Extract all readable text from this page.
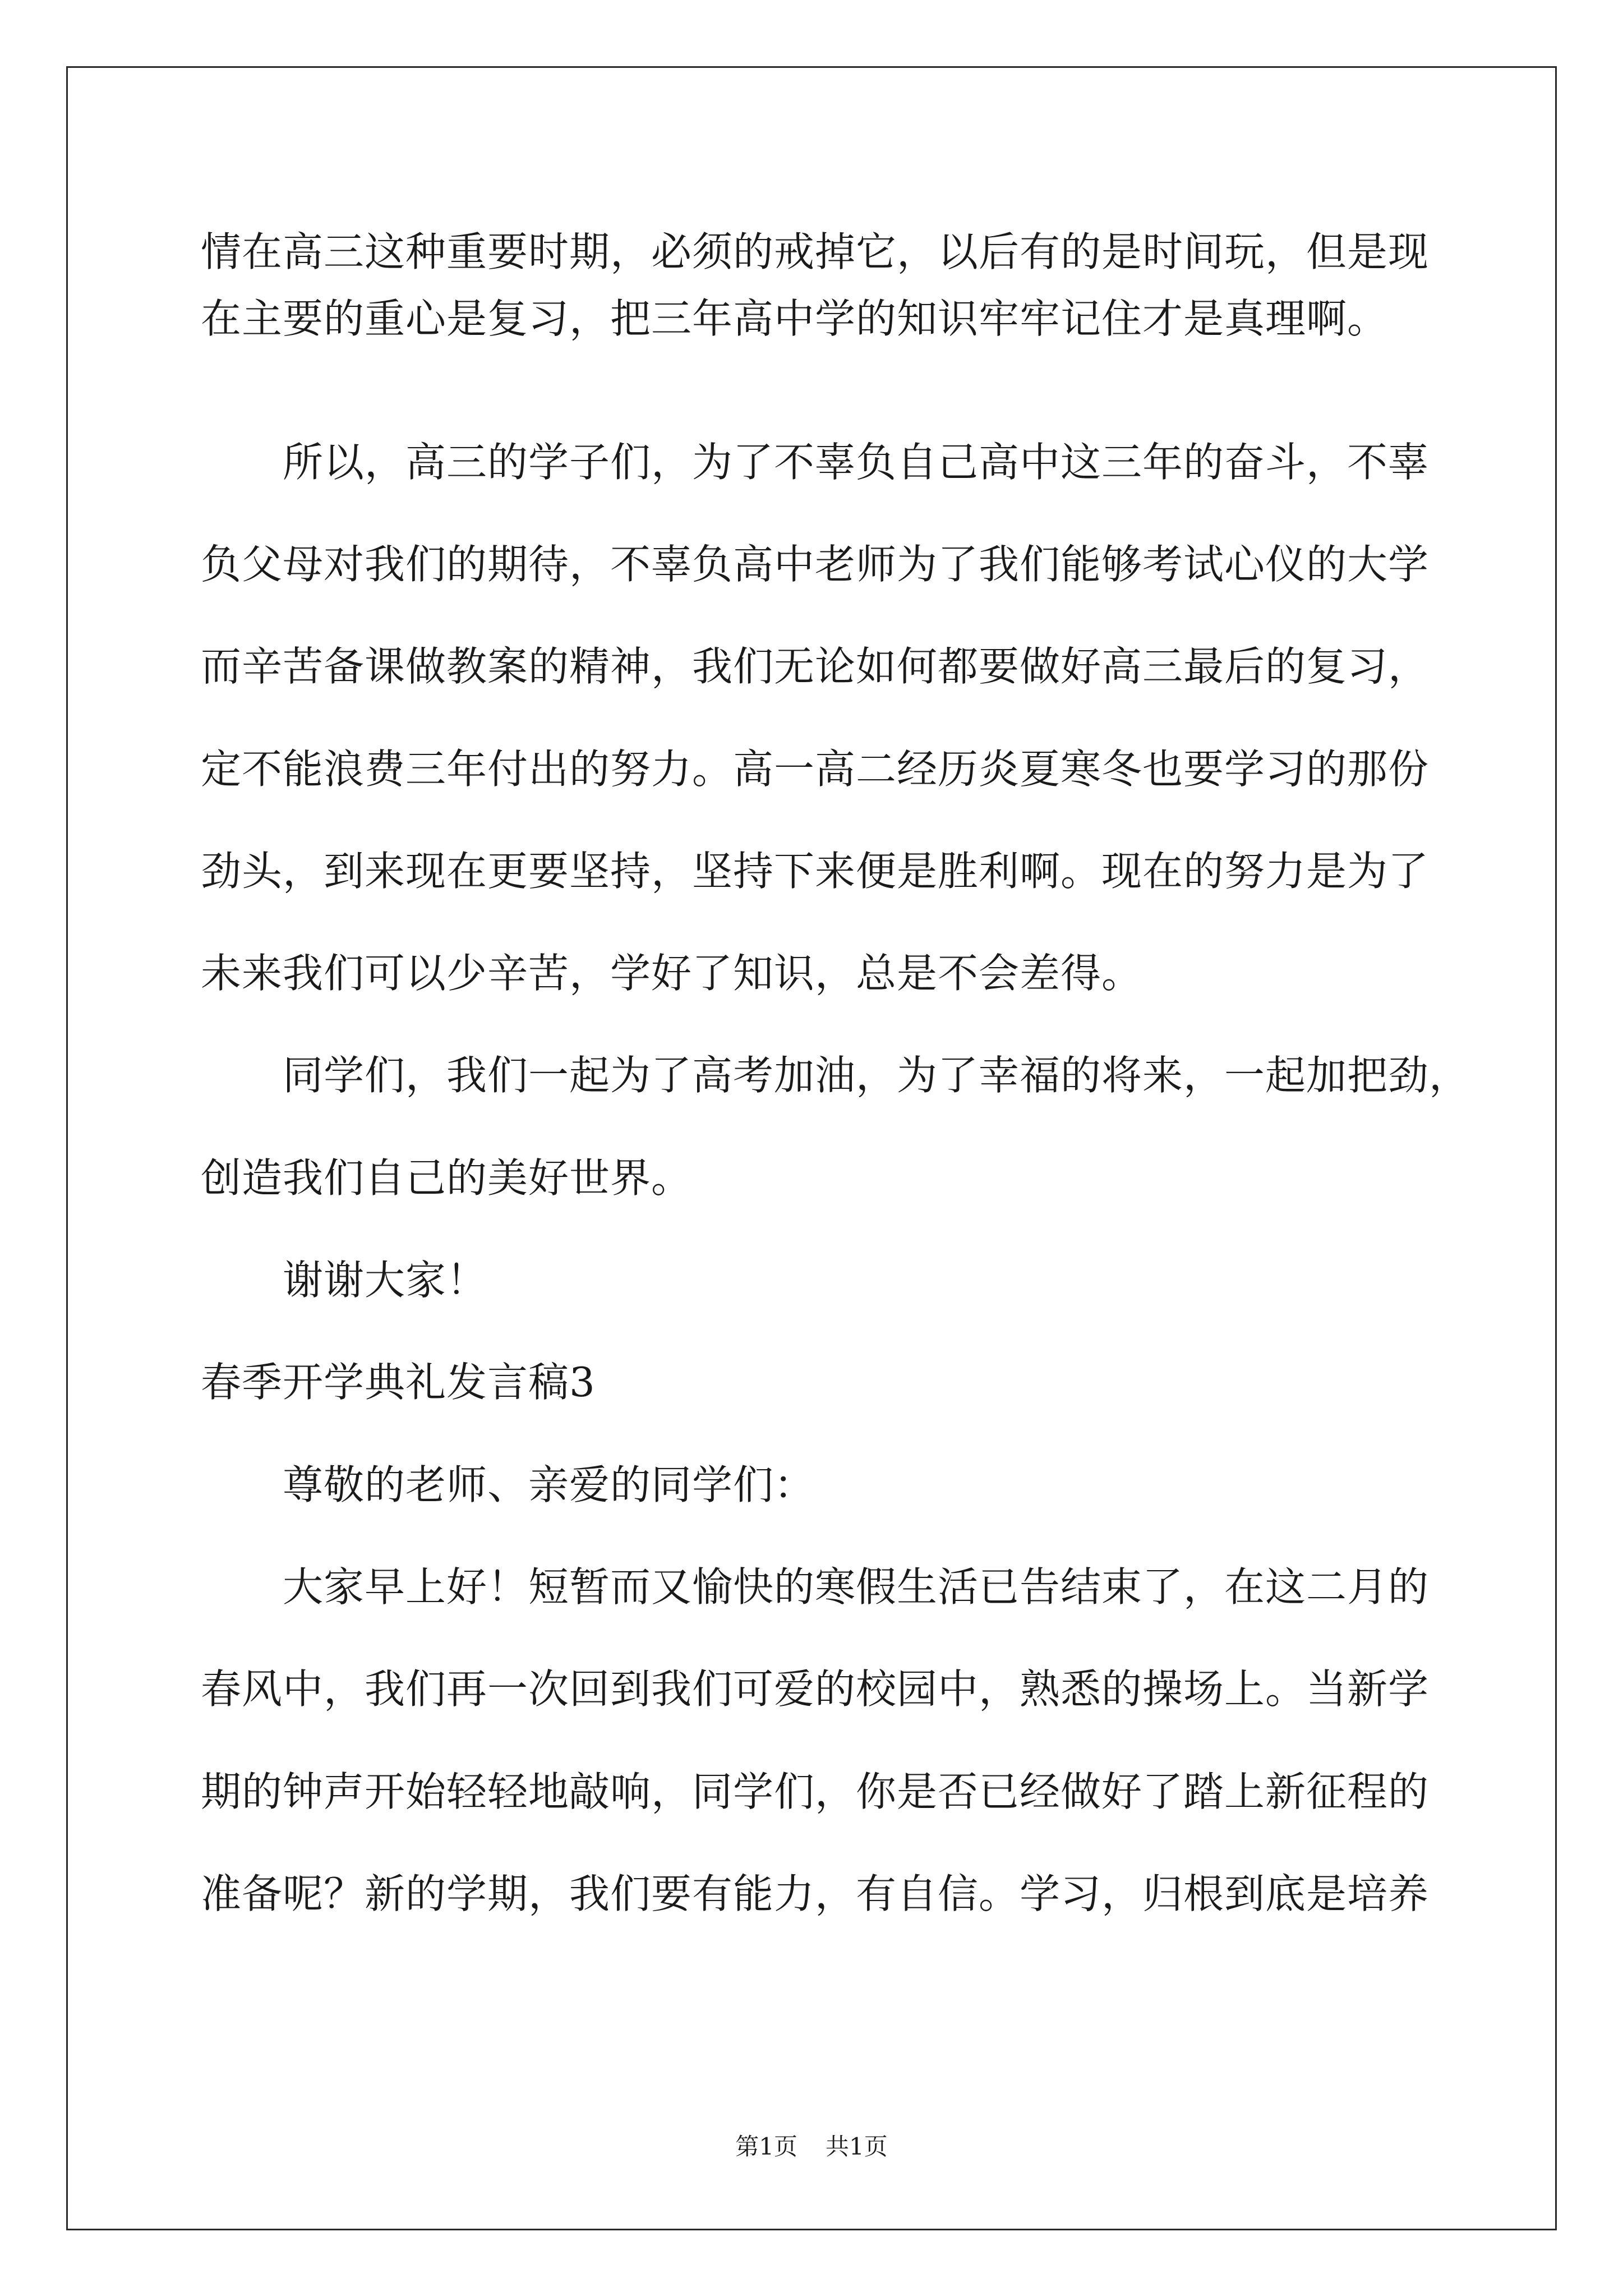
情在高三这种重要时期，必须的戒掉它，以后有的是时间玩，但是现
在主要的重心是复习，把三年高中学的知识牢牢记住才是真理啊。
所以，高三的学子们，为了不辜负自己高中这三年的奋斗，不辜
负父母对我们的期待，不辜负高中老师为了我们能够考试心仪的大学
而辛苦备课做教案的精神，我们无论如何都要做好高三最后的复习，
定不能浪费三年付出的努力。高一高二经历炎夏寒冬也要学习的那份
劲头，到来现在更要坚持，坚持下来便是胜利啊。现在的努力是为了
未来我们可以少辛苦，学好了知识，总是不会差得。
同学们，我们一起为了高考加油，为了幸福的将来，一起加把劲，
创造我们自己的美好世界。
谢谢大家！
春季开学典礼发言稿3
尊敬的老师、亲爱的同学们：
大家早上好！短暂而又愉快的寒假生活已告结束了，在这二月的
春风中，我们再一次回到我们可爱的校园中，熟悉的操场上。当新学
期的钟声开始轻轻地敲响，同学们，你是否已经做好了踏上新征程的
准备呢？新的学期，我们要有能力，有自信。学习，归根到底是培养
第1页 共1页
